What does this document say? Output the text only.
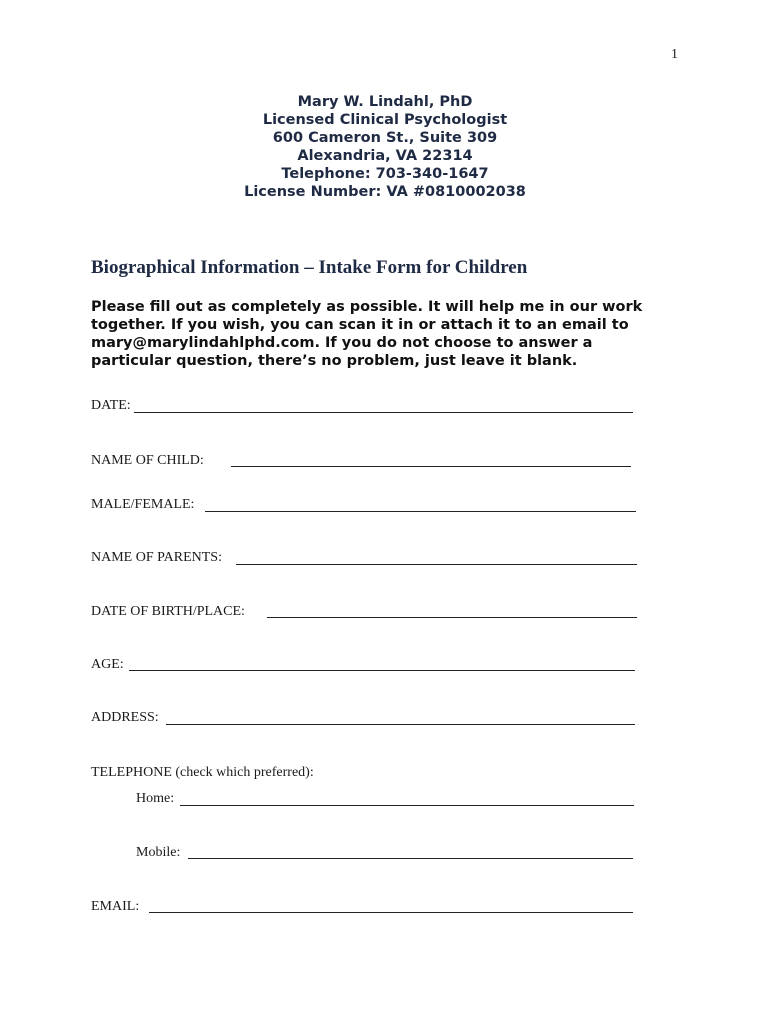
1
Mary W. Lindahl, PhD
Licensed Clinical Psychologist
600 Cameron St., Suite 309
Alexandria, VA 22314
Telephone: 703-340-1647
License Number: VA #0810002038
Biographical Information – Intake Form for Children
Please fill out as completely as possible. It will help me in our work
together. If you wish, you can scan it in or attach it to an email to
mary@marylindahlphd.com. If you do not choose to answer a
particular question, there’s no problem, just leave it blank.
DATE:
NAME OF CHILD:
MALE/FEMALE:
NAME OF PARENTS:
DATE OF BIRTH/PLACE:
AGE:
ADDRESS:
TELEPHONE (check which preferred):
Home:
Mobile:
EMAIL:
